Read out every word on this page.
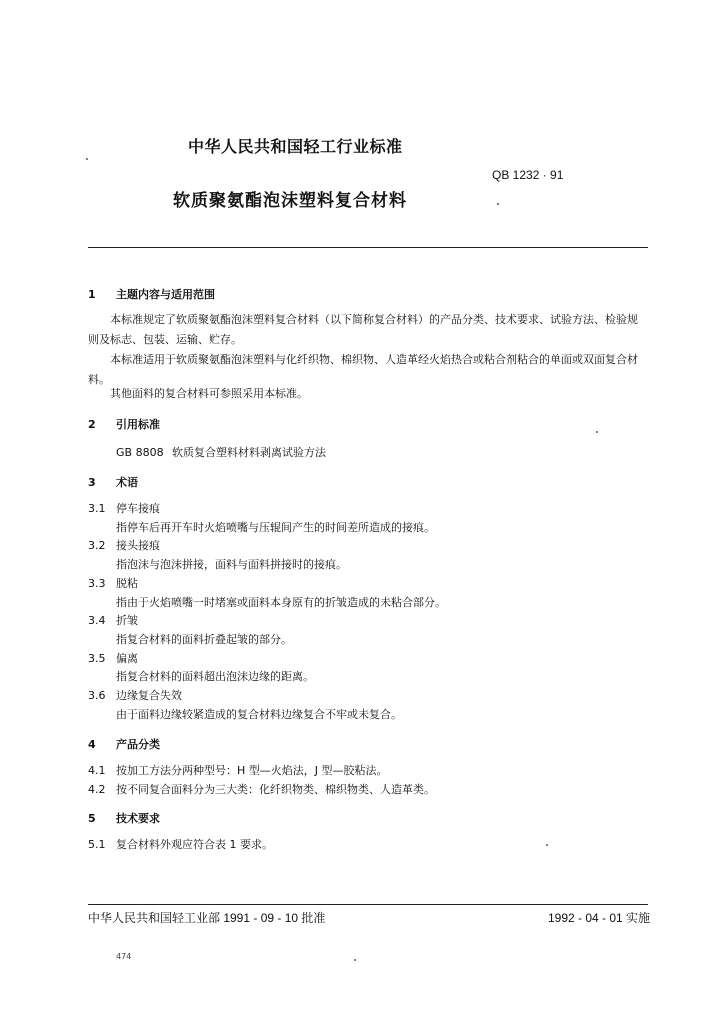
中华人民共和国轻工行业标准
QB 1232 · 91
软质聚氨酯泡沫塑料复合材料
1 主题内容与适用范围
本标准规定了软质聚氨酯泡沫塑料复合材料（以下简称复合材料）的产品分类、技术要求、试验方法、检验规则及标志、包装、运输、贮存。
本标准适用于软质聚氨酯泡沫塑料与化纤织物、棉织物、人造革经火焰热合或粘合剂粘合的单面或双面复合材料。
其他面料的复合材料可参照采用本标准。
2 引用标准
GB 8808 软质复合塑料材料剥离试验方法
3 术语
3.1 停车接痕
指停车后再开车时火焰喷嘴与压辊间产生的时间差所造成的接痕。
3.2 接头接痕
指泡沫与泡沫拼接，面料与面料拼接时的接痕。
3.3 脱粘
指由于火焰喷嘴一时堵塞或面料本身原有的折皱造成的未粘合部分。
3.4 折皱
指复合材料的面料折叠起皱的部分。
3.5 偏离
指复合材料的面料超出泡沫边缘的距离。
3.6 边缘复合失效
由于面料边缘较紧造成的复合材料边缘复合不牢或未复合。
4 产品分类
4.1 按加工方法分两种型号：H 型—火焰法，J 型—胶粘法。
4.2 按不同复合面料分为三大类：化纤织物类、棉织物类、人造革类。
5 技术要求
5.1 复合材料外观应符合表 1 要求。
中华人民共和国轻工业部 1991 - 09 - 10 批准	1992 - 04 - 01 实施
474
